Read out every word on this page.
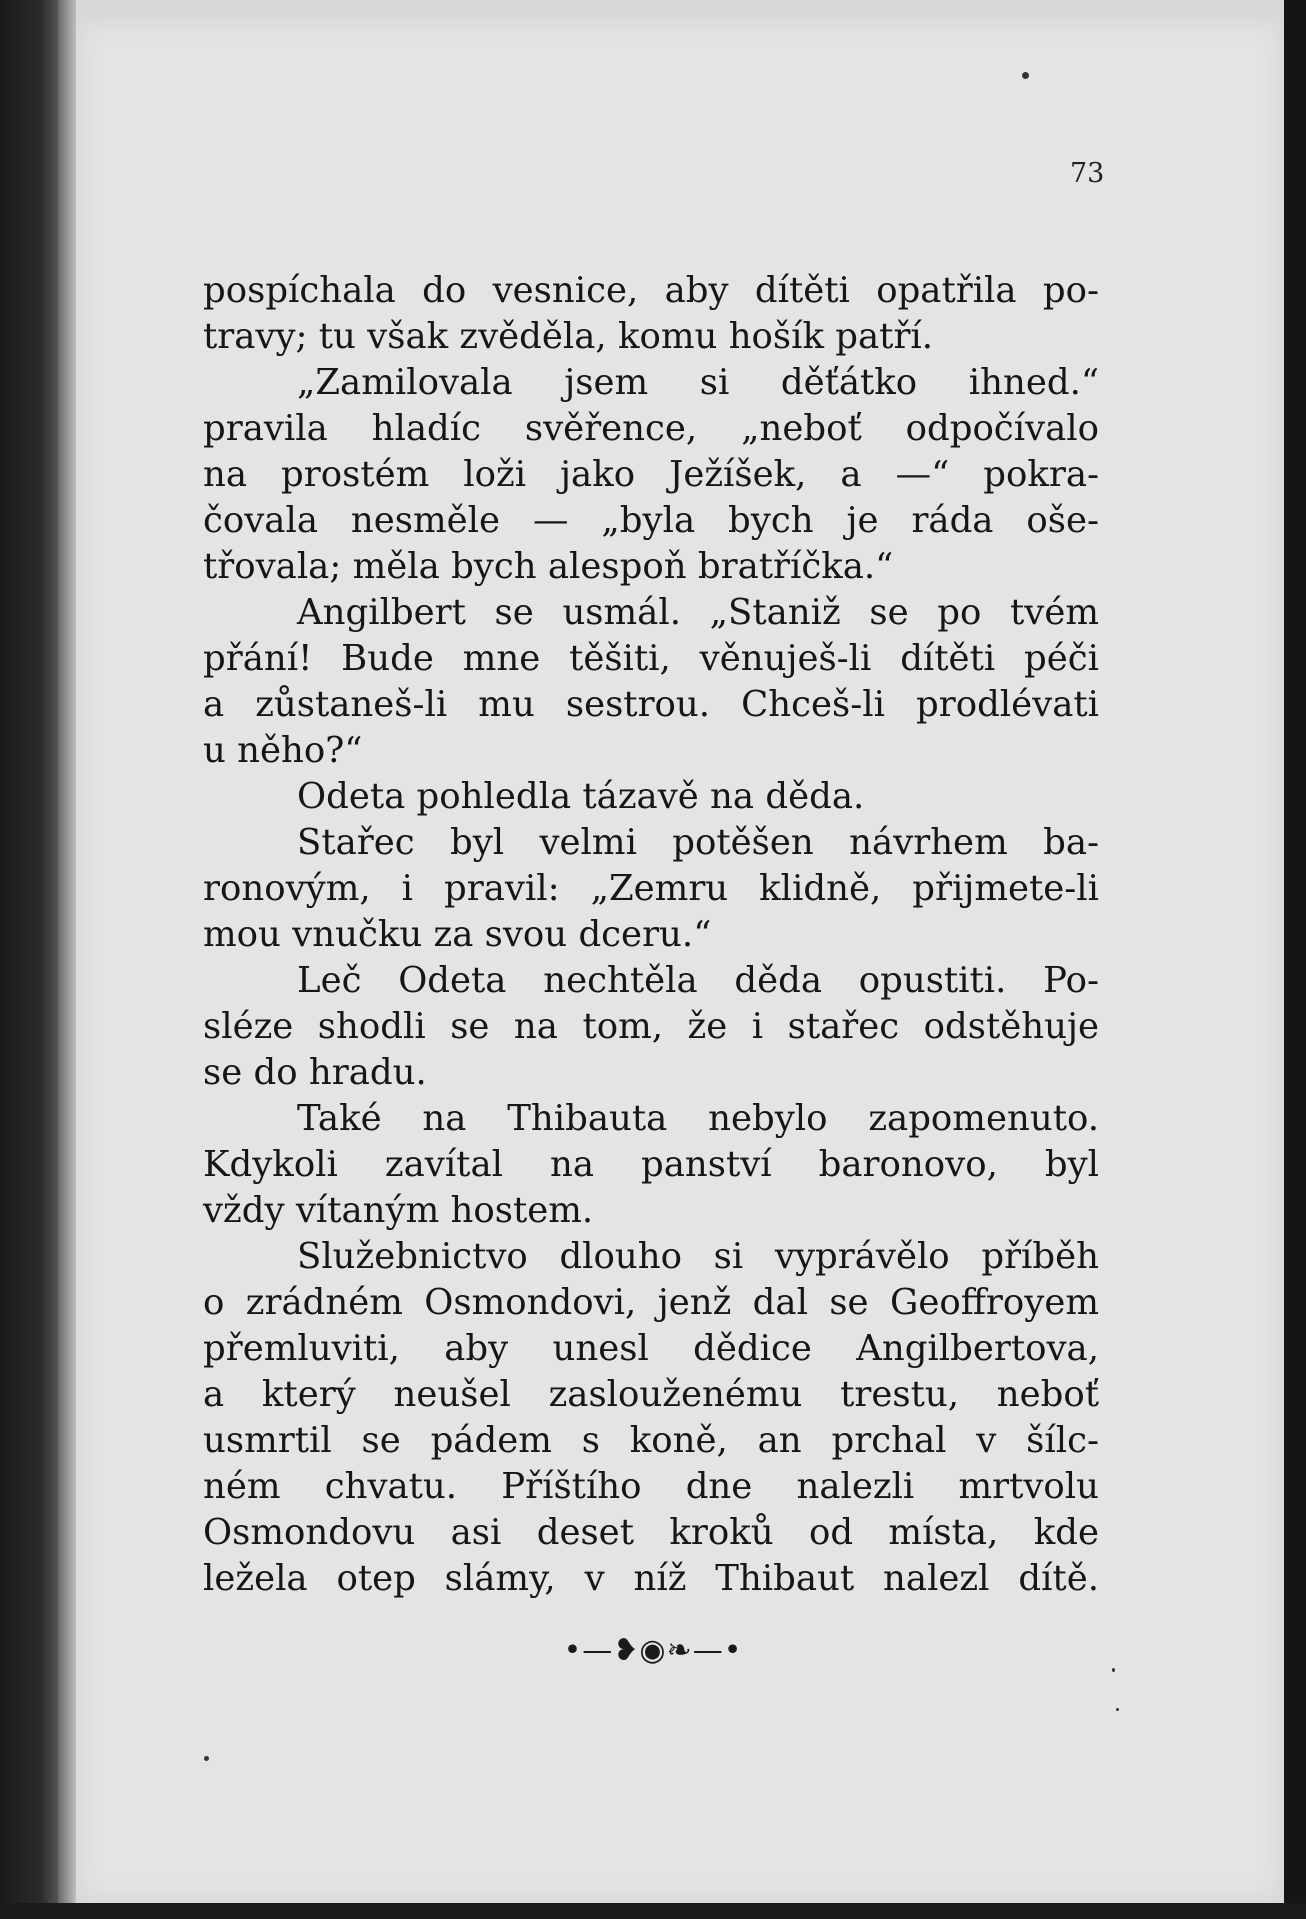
73
pospíchala do vesnice, aby dítěti opatřila po-
travy; tu však zvěděla, komu hošík patří.
„Zamilovala jsem si děťátko ihned.“
pravila hladíc svěřence, „neboť odpočívalo
na prostém loži jako Ježíšek, a —“ pokra-
čovala nesměle — „byla bych je ráda oše-
třovala; měla bych alespoň bratříčka.“
Angilbert se usmál. „Staniž se po tvém
přání! Bude mne těšiti, věnuješ-li dítěti péči
a zůstaneš-li mu sestrou. Chceš-li prodlévati
u něho?“
Odeta pohledla tázavě na děda.
Stařec byl velmi potěšen návrhem ba-
ronovým, i pravil: „Zemru klidně, přijmete-li
mou vnučku za svou dceru.“
Leč Odeta nechtěla děda opustiti. Po-
sléze shodli se na tom, že i stařec odstěhuje
se do hradu.
Také na Thibauta nebylo zapomenuto.
Kdykoli zavítal na panství baronovo, byl
vždy vítaným hostem.
Služebnictvo dlouho si vyprávělo příběh
o zrádném Osmondovi, jenž dal se Geoffroyem
přemluviti, aby unesl dědice Angilbertova,
a který neušel zaslouženému trestu, neboť
usmrtil se pádem s koně, an prchal v šílc-
ném chvatu. Příštího dne nalezli mrtvolu
Osmondovu asi deset kroků od místa, kde
ležela otep slámy, v níž Thibaut nalezl dítě.
•—❥◉❧—•
